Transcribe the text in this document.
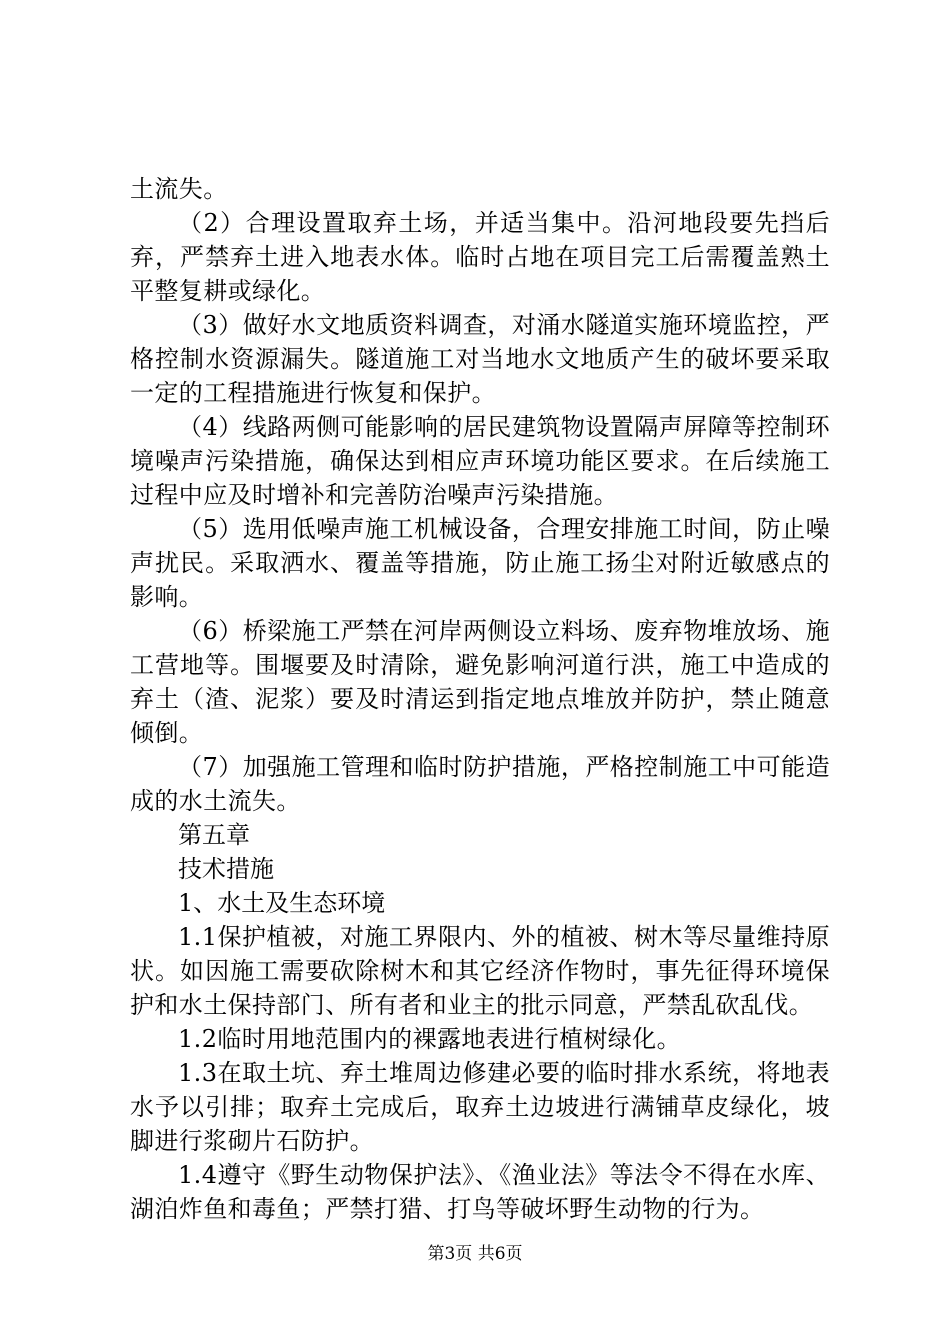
土流失。

（2）合理设置取弃土场，并适当集中。沿河地段要先挡后弃，严禁弃土进入地表水体。临时占地在项目完工后需覆盖熟土平整复耕或绿化。

（3）做好水文地质资料调查，对涌水隧道实施环境监控，严格控制水资源漏失。隧道施工对当地水文地质产生的破坏要采取一定的工程措施进行恢复和保护。

（4）线路两侧可能影响的居民建筑物设置隔声屏障等控制环境噪声污染措施，确保达到相应声环境功能区要求。在后续施工过程中应及时增补和完善防治噪声污染措施。

（5）选用低噪声施工机械设备，合理安排施工时间，防止噪声扰民。采取洒水、覆盖等措施，防止施工扬尘对附近敏感点的影响。

（6）桥梁施工严禁在河岸两侧设立料场、废弃物堆放场、施工营地等。围堰要及时清除，避免影响河道行洪，施工中造成的弃土（渣、泥浆）要及时清运到指定地点堆放并防护，禁止随意倾倒。

（7）加强施工管理和临时防护措施，严格控制施工中可能造成的水土流失。

第五章

技术措施

1、水土及生态环境

1.1保护植被，对施工界限内、外的植被、树木等尽量维持原状。如因施工需要砍除树木和其它经济作物时，事先征得环境保护和水土保持部门、所有者和业主的批示同意，严禁乱砍乱伐。

1.2临时用地范围内的裸露地表进行植树绿化。

1.3在取土坑、弃土堆周边修建必要的临时排水系统，将地表水予以引排；取弃土完成后，取弃土边坡进行满铺草皮绿化，坡脚进行浆砌片石防护。

1.4遵守《野生动物保护法》、《渔业法》等法令不得在水库、湖泊炸鱼和毒鱼；严禁打猎、打鸟等破坏野生动物的行为。

第3页 共6页
